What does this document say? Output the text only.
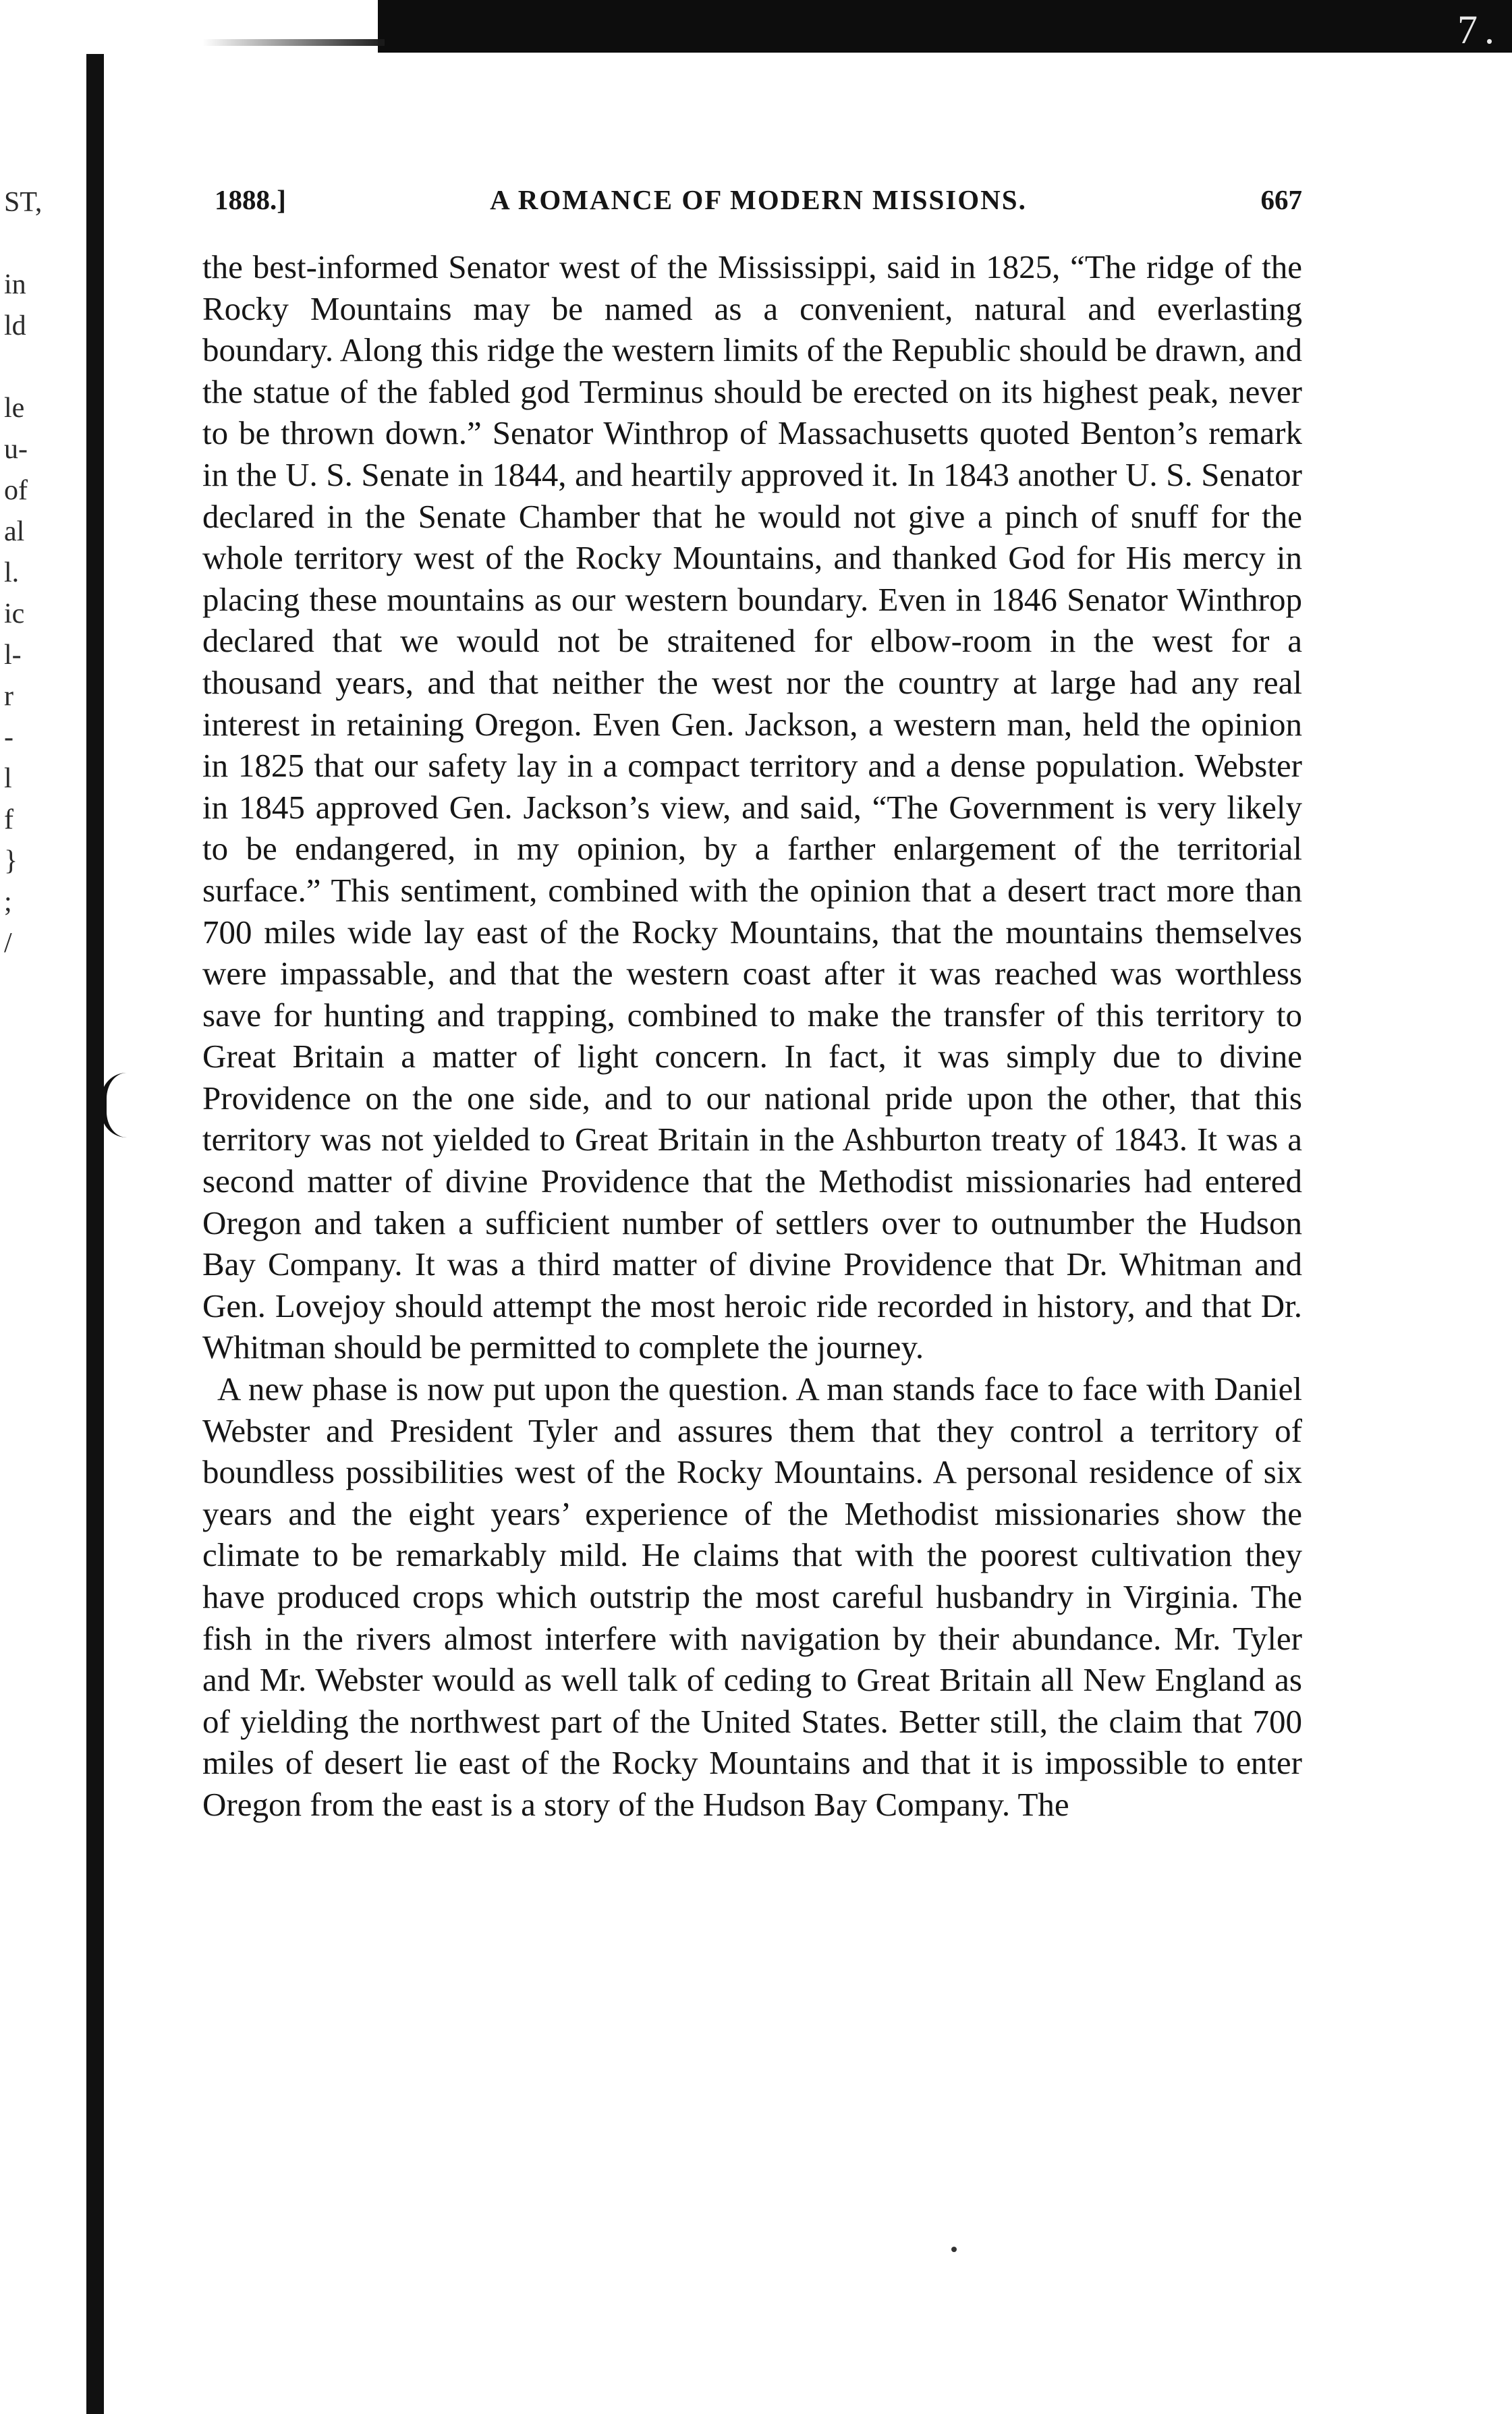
7.
ST,
in
ld
le
u-
of
al
l.
ic
l-
r
-
l
f
}
;
/
1888.]	A ROMANCE OF MODERN MISSIONS.	667

the best-informed Senator west of the Mississippi, said in 1825, “The ridge of the Rocky Mountains may be named as a convenient, natural and everlasting boundary. Along this ridge the western limits of the Republic should be drawn, and the statue of the fabled god Terminus should be erected on its highest peak, never to be thrown down.” Senator Winthrop of Massachusetts quoted Benton’s remark in the U. S. Senate in 1844, and heartily approved it. In 1843 another U. S. Senator declared in the Senate Chamber that he would not give a pinch of snuff for the whole territory west of the Rocky Mountains, and thanked God for His mercy in placing these mountains as our western boundary. Even in 1846 Senator Winthrop declared that we would not be straitened for elbow-room in the west for a thousand years, and that neither the west nor the country at large had any real interest in retaining Oregon. Even Gen. Jackson, a western man, held the opinion in 1825 that our safety lay in a compact territory and a dense population. Webster in 1845 approved Gen. Jackson’s view, and said, “The Government is very likely to be endangered, in my opinion, by a farther enlargement of the territorial surface.” This sentiment, combined with the opinion that a desert tract more than 700 miles wide lay east of the Rocky Mountains, that the mountains themselves were impassable, and that the western coast after it was reached was worthless save for hunting and trapping, combined to make the transfer of this territory to Great Britain a matter of light concern. In fact, it was simply due to divine Providence on the one side, and to our national pride upon the other, that this territory was not yielded to Great Britain in the Ashburton treaty of 1843. It was a second matter of divine Providence that the Methodist missionaries had entered Oregon and taken a sufficient number of settlers over to outnumber the Hudson Bay Company. It was a third matter of divine Providence that Dr. Whitman and Gen. Lovejoy should attempt the most heroic ride recorded in history, and that Dr. Whitman should be permitted to complete the journey.

A new phase is now put upon the question. A man stands face to face with Daniel Webster and President Tyler and assures them that they control a territory of boundless possibilities west of the Rocky Mountains. A personal residence of six years and the eight years’ experience of the Methodist missionaries show the climate to be remarkably mild. He claims that with the poorest cultivation they have produced crops which outstrip the most careful husbandry in Virginia. The fish in the rivers almost interfere with navigation by their abundance. Mr. Tyler and Mr. Webster would as well talk of ceding to Great Britain all New England as of yielding the northwest part of the United States. Better still, the claim that 700 miles of desert lie east of the Rocky Mountains and that it is impossible to enter Oregon from the east is a story of the Hudson Bay Company. The
